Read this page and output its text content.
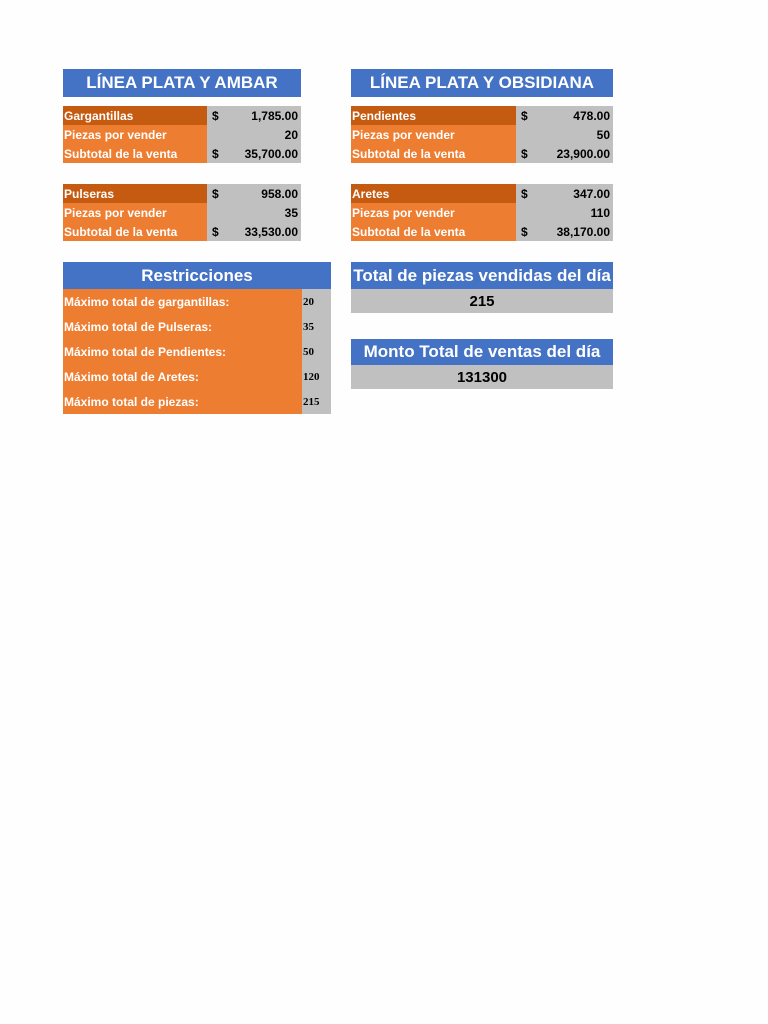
LÍNEA PLATA Y AMBAR
Gargantillas	$	1,785.00
Piezas por vender	20
Subtotal de la venta	$	35,700.00
Pulseras	$	958.00
Piezas por vender	35
Subtotal de la venta	$	33,530.00
LÍNEA PLATA Y OBSIDIANA
Pendientes	$	478.00
Piezas por vender	50
Subtotal de la venta	$	23,900.00
Aretes	$	347.00
Piezas por vender	110
Subtotal de la venta	$	38,170.00
Restricciones
Máximo total de gargantillas:	20
Máximo total de Pulseras:	35
Máximo total de Pendientes:	50
Máximo total de Aretes:	120
Máximo total de piezas:	215
Total de piezas vendidas del día
215
Monto Total de ventas del día
131300
